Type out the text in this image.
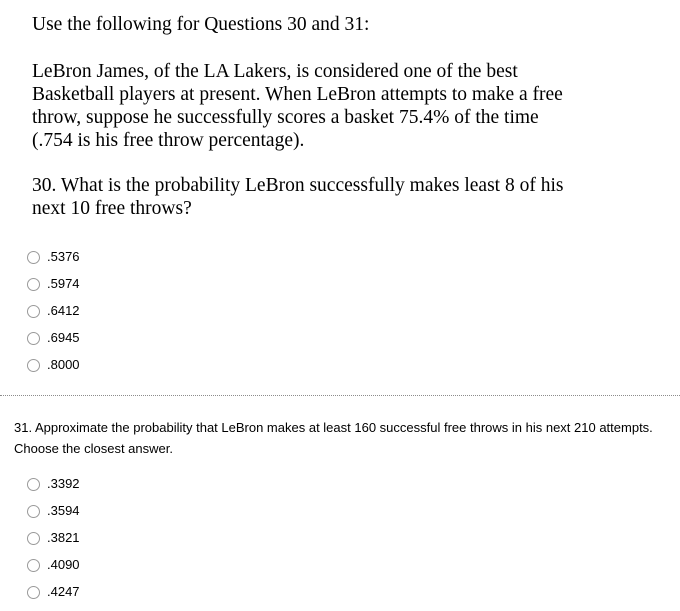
Use the following for Questions 30 and 31:

LeBron James, of the LA Lakers, is considered one of the best Basketball players at present. When LeBron attempts to make a free throw, suppose he successfully scores a basket 75.4% of the time (.754 is his free throw percentage).

30. What is the probability LeBron successfully makes least 8 of his next 10 free throws?

.5376
.5974
.6412
.6945
.8000

31. Approximate the probability that LeBron makes at least 160 successful free throws in his next 210 attempts. Choose the closest answer.

.3392
.3594
.3821
.4090
.4247
